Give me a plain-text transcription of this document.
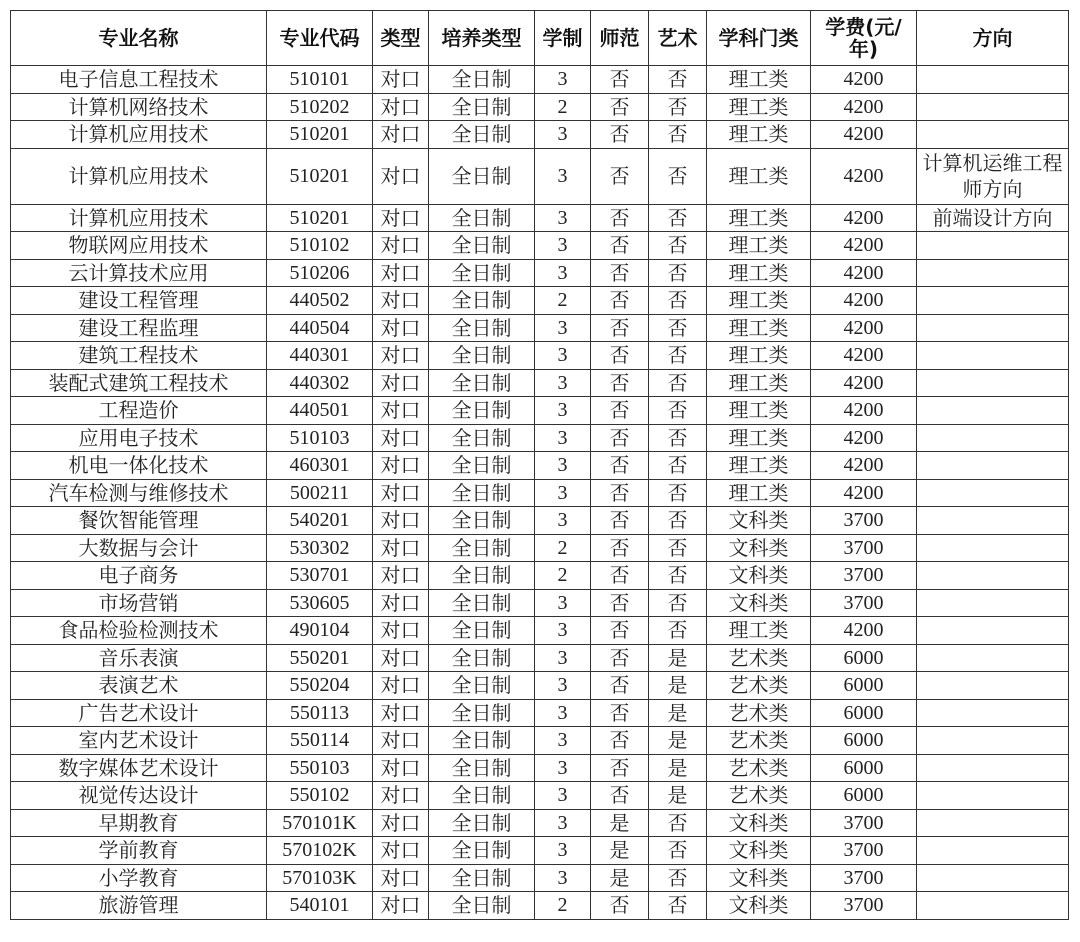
专业名称	专业代码	类型	培养类型	学制	师范	艺术	学科门类	学费(元/年)	方向
电子信息工程技术	510101	对口	全日制	3	否	否	理工类	4200	
计算机网络技术	510202	对口	全日制	2	否	否	理工类	4200	
计算机应用技术	510201	对口	全日制	3	否	否	理工类	4200	
计算机应用技术	510201	对口	全日制	3	否	否	理工类	4200	计算机运维工程师方向
计算机应用技术	510201	对口	全日制	3	否	否	理工类	4200	前端设计方向
物联网应用技术	510102	对口	全日制	3	否	否	理工类	4200	
云计算技术应用	510206	对口	全日制	3	否	否	理工类	4200	
建设工程管理	440502	对口	全日制	2	否	否	理工类	4200	
建设工程监理	440504	对口	全日制	3	否	否	理工类	4200	
建筑工程技术	440301	对口	全日制	3	否	否	理工类	4200	
装配式建筑工程技术	440302	对口	全日制	3	否	否	理工类	4200	
工程造价	440501	对口	全日制	3	否	否	理工类	4200	
应用电子技术	510103	对口	全日制	3	否	否	理工类	4200	
机电一体化技术	460301	对口	全日制	3	否	否	理工类	4200	
汽车检测与维修技术	500211	对口	全日制	3	否	否	理工类	4200	
餐饮智能管理	540201	对口	全日制	3	否	否	文科类	3700	
大数据与会计	530302	对口	全日制	2	否	否	文科类	3700	
电子商务	530701	对口	全日制	2	否	否	文科类	3700	
市场营销	530605	对口	全日制	3	否	否	文科类	3700	
食品检验检测技术	490104	对口	全日制	3	否	否	理工类	4200	
音乐表演	550201	对口	全日制	3	否	是	艺术类	6000	
表演艺术	550204	对口	全日制	3	否	是	艺术类	6000	
广告艺术设计	550113	对口	全日制	3	否	是	艺术类	6000	
室内艺术设计	550114	对口	全日制	3	否	是	艺术类	6000	
数字媒体艺术设计	550103	对口	全日制	3	否	是	艺术类	6000	
视觉传达设计	550102	对口	全日制	3	否	是	艺术类	6000	
早期教育	570101K	对口	全日制	3	是	否	文科类	3700	
学前教育	570102K	对口	全日制	3	是	否	文科类	3700	
小学教育	570103K	对口	全日制	3	是	否	文科类	3700	
旅游管理	540101	对口	全日制	2	否	否	文科类	3700	
